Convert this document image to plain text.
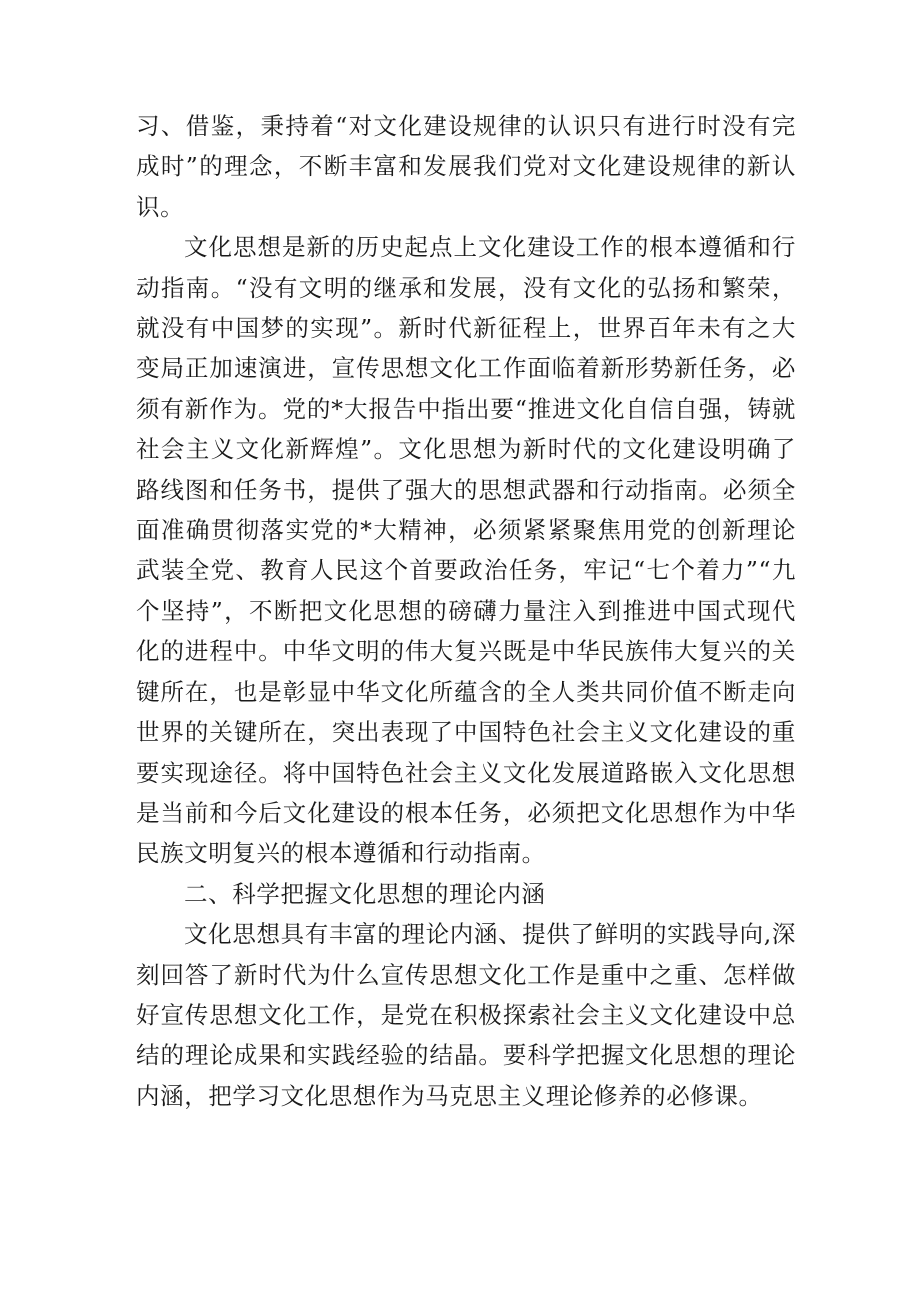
习、借鉴，秉持着“对文化建设规律的认识只有进行时没有完成时”的理念，不断丰富和发展我们党对文化建设规律的新认识。

文化思想是新的历史起点上文化建设工作的根本遵循和行动指南。“没有文明的继承和发展，没有文化的弘扬和繁荣，就没有中国梦的实现”。新时代新征程上，世界百年未有之大变局正加速演进，宣传思想文化工作面临着新形势新任务，必须有新作为。党的*大报告中指出要“推进文化自信自强，铸就社会主义文化新辉煌”。文化思想为新时代的文化建设明确了路线图和任务书，提供了强大的思想武器和行动指南。必须全面准确贯彻落实党的*大精神，必须紧紧聚焦用党的创新理论武装全党、教育人民这个首要政治任务，牢记“七个着力”“九个坚持”，不断把文化思想的磅礴力量注入到推进中国式现代化的进程中。中华文明的伟大复兴既是中华民族伟大复兴的关键所在，也是彰显中华文化所蕴含的全人类共同价值不断走向世界的关键所在，突出表现了中国特色社会主义文化建设的重要实现途径。将中国特色社会主义文化发展道路嵌入文化思想是当前和今后文化建设的根本任务，必须把文化思想作为中华民族文明复兴的根本遵循和行动指南。

二、科学把握文化思想的理论内涵

文化思想具有丰富的理论内涵、提供了鲜明的实践导向,深刻回答了新时代为什么宣传思想文化工作是重中之重、怎样做好宣传思想文化工作，是党在积极探索社会主义文化建设中总结的理论成果和实践经验的结晶。要科学把握文化思想的理论内涵，把学习文化思想作为马克思主义理论修养的必修课。
